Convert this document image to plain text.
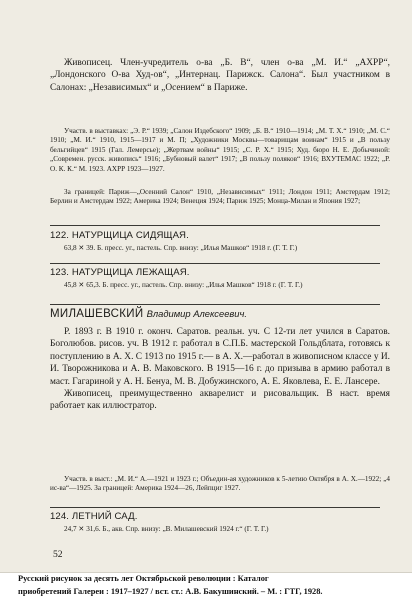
Живописец. Член-учредитель о-ва „Б. В“, член о-ва „М. И.“ „АХРР“, „Лондонского О-ва Худ-ов“, „Интернац. Парижск. Салона“. Был участником в Салонах: „Независимых“ и „Осением“ в Париже.

Участв. в выставках: „Э. Р.“ 1939; „Салон Издебского“ 1909; „Б. В.“ 1910—1914; „М. Т. Х.“ 1910; „М. С.“ 1910; „М. И.“ 1910, 1915—1917 и М. П; „Художники Москвы—товарищам воинам“ 1915 и „В пользу бельгийцев“ 1915 (Гал. Лемерсье); „Жертвам войны“ 1915; „С. Р. Х.“ 1915; Худ. бюро Н. Е. Добычиной: „Современ. русск. живопись“ 1916; „Бубновый валет“ 1917; „В пользу поляков“ 1916; ВХУТЕМАС 1922; „Р. О. К. К.“ М. 1923. АХРР 1923—1927.

За границей: Париж—„Осенний Салон“ 1910, „Независимых“ 1911; Лондон 1911; Амстердам 1912; Берлин и Амстердам 1922; Америка 1924; Венеция 1924; Париж 1925; Монца-Милан и Япония 1927;

122. НАТУРЩИЦА СИДЯЩАЯ.

63,8 ✕ 39. Б. пресс. уг., пастель. Спр. внизу: „Илья Машков“ 1918 г. (Г. Т. Г.)

123. НАТУРЩИЦА ЛЕЖАЩАЯ.

45,8 ✕ 65,3. Б. пресс. уг., пастель. Спр. внизу: „Илья Машков“ 1918 г. (Г. Т. Г.)

МИЛАШЕВСКИЙ Владимир Алексеевич.

Р. 1893 г. В 1910 г. оконч. Саратов. реальн. уч. С 12-ти лет учился в Саратов. Боголюбов. рисов. уч. В 1912 г. работал в С.П.Б. мастерской Гольдблата, готовясь к поступлению в А. Х. С 1913 по 1915 г.— в А. Х.—работал в живописном классе у И. И. Творожникова и А. В. Маковского. В 1915—16 г. до призыва в армию работал в маст. Гагариной у А. Н. Бенуа, М. В. Добужинского, А. Е. Яковлева, Е. Е. Лансере.

Живописец, преимущественно акварелист и рисовальщик. В наст. время работает как иллюстратор.

Участв. в выст.: „М. И.“ А.—1921 и 1923 г.; Объедин-ая художников к 5-летию Октября в А. Х.—1922; „4 ис-ва“—1925. За границей: Америка 1924—26, Лейпциг 1927.

124. ЛЕТНИЙ САД.

24,7 ✕ 31,6. Б., акв. Спр. внизу: „В. Милашевский 1924 г.“ (Г. Т. Г.)

52
Русский рисунок за десять лет Октябрьской революции : Каталог
приобретений Галереи : 1917–1927 / вст. ст.: А.В. Бакушинский. – М. : ГТГ, 1928.
